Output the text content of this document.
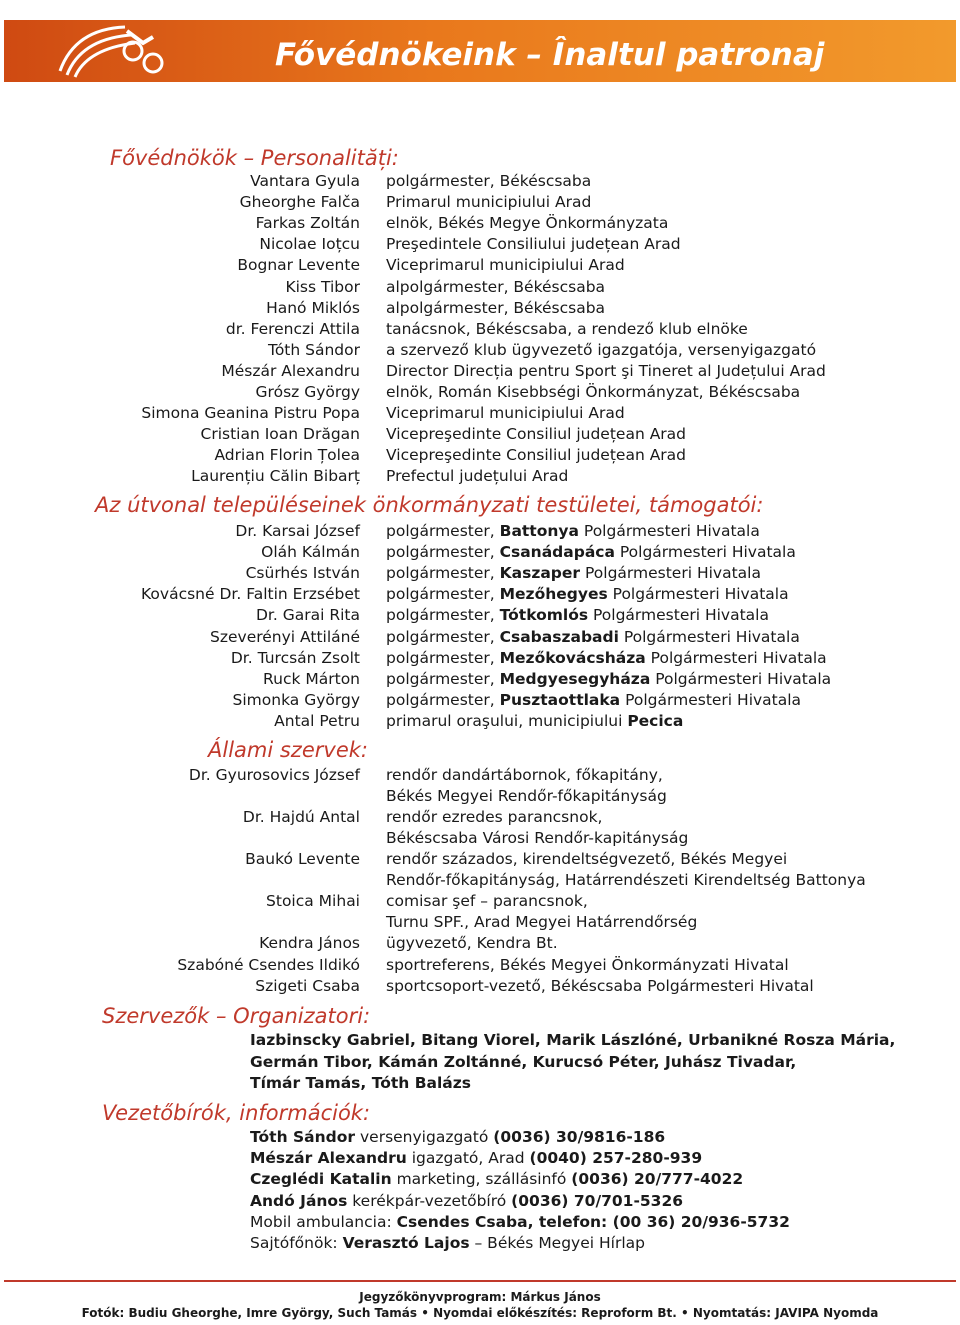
Fővédnökeink – Înaltul patronaj
Fővédnökök – Personalități:
Vantara Gyula polgármester, Békéscsaba
Gheorghe Falča Primarul municipiului Arad
Farkas Zoltán elnök, Békés Megye Önkormányzata
Nicolae Ioțcu Preşedintele Consiliului județean Arad
Bognar Levente Viceprimarul municipiului Arad
Kiss Tibor alpolgármester, Békéscsaba
Hanó Miklós alpolgármester, Békéscsaba
dr. Ferenczi Attila tanácsnok, Békéscsaba, a rendező klub elnöke
Tóth Sándor a szervező klub ügyvezető igazgatója, versenyigazgató
Mészár Alexandru Director Direcția pentru Sport şi Tineret al Județului Arad
Grósz György elnök, Román Kisebbségi Önkormányzat, Békéscsaba
Simona Geanina Pistru Popa Viceprimarul municipiului Arad
Cristian Ioan Drăgan Vicepreşedinte Consiliul județean Arad
Adrian Florin Țolea Vicepreşedinte Consiliul județean Arad
Laurențiu Călin Bibarț Prefectul județului Arad
Az útvonal településeinek önkormányzati testületei, támogatói:
Dr. Karsai József polgármester, Battonya Polgármesteri Hivatala
Oláh Kálmán polgármester, Csanádapáca Polgármesteri Hivatala
Csürhés István polgármester, Kaszaper Polgármesteri Hivatala
Kovácsné Dr. Faltin Erzsébet polgármester, Mezőhegyes Polgármesteri Hivatala
Dr. Garai Rita polgármester, Tótkomlós Polgármesteri Hivatala
Szeverényi Attiláné polgármester, Csabaszabadi Polgármesteri Hivatala
Dr. Turcsán Zsolt polgármester, Mezőkovácsháza Polgármesteri Hivatala
Ruck Márton polgármester, Medgyesegyháza Polgármesteri Hivatala
Simonka György polgármester, Pusztaottlaka Polgármesteri Hivatala
Antal Petru primarul oraşului, municipiului Pecica
Állami szervek:
Dr. Gyurosovics József rendőr dandártábornok, főkapitány,
Békés Megyei Rendőr-főkapitányság
Dr. Hajdú Antal rendőr ezredes parancsnok,
Békéscsaba Városi Rendőr-kapitányság
Baukó Levente rendőr százados, kirendeltségvezető, Békés Megyei
Rendőr-főkapitányság, Határrendészeti Kirendeltség Battonya
Stoica Mihai comisar şef – parancsnok,
Turnu SPF., Arad Megyei Határrendőrség
Kendra János ügyvezető, Kendra Bt.
Szabóné Csendes Ildikó sportreferens, Békés Megyei Önkormányzati Hivatal
Szigeti Csaba sportcsoport-vezető, Békéscsaba Polgármesteri Hivatal
Szervezők – Organizatori:
Iazbinscky Gabriel, Bitang Viorel, Marik Lászlóné, Urbanikné Rosza Mária,
Germán Tibor, Kámán Zoltánné, Kurucsó Péter, Juhász Tivadar,
Tímár Tamás, Tóth Balázs
Vezetőbírók, információk:
Tóth Sándor versenyigazgató (0036) 30/9816-186
Mészár Alexandru igazgató, Arad (0040) 257-280-939
Czeglédi Katalin marketing, szállásinfó (0036) 20/777-4022
Andó János kerékpár-vezetőbíró (0036) 70/701-5326
Mobil ambulancia: Csendes Csaba, telefon: (00 36) 20/936-5732
Sajtófőnök: Verasztó Lajos – Békés Megyei Hírlap
Jegyzőkönyvprogram: Márkus János
Fotók: Budiu Gheorghe, Imre György, Such Tamás • Nyomdai előkészítés: Reproform Bt. • Nyomtatás: JAVIPA Nyomda
